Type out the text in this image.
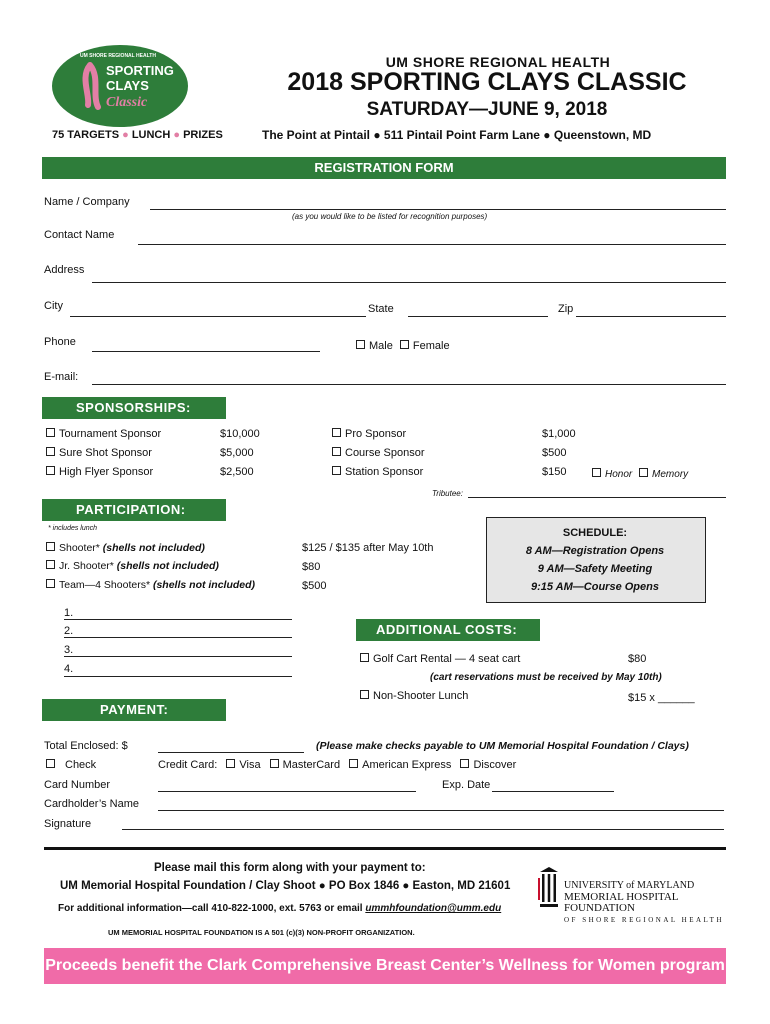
UM SHORE REGIONAL HEALTH
SPORTING
CLAYS
Classic
75 TARGETS ● LUNCH ● PRIZES
UM SHORE REGIONAL HEALTH
2018 SPORTING CLAYS CLASSIC
SATURDAY—JUNE 9, 2018
The Point at Pintail ● 511 Pintail Point Farm Lane ● Queenstown, MD
REGISTRATION FORM
Name / Company
(as you would like to be listed for recognition purposes)
Contact Name
Address
City	State	Zip
Phone	Male Female
E-mail:
SPONSORSHIPS:
Tournament Sponsor	$10,000
Sure Shot Sponsor	$5,000
High Flyer Sponsor	$2,500
Pro Sponsor	$1,000
Course Sponsor	$500
Station Sponsor	$150	Honor Memory
Tributee:
PARTICIPATION:
* includes lunch
Shooter* (shells not included)	$125 / $135 after May 10th
Jr. Shooter* (shells not included)	$80
Team—4 Shooters* (shells not included)	$500
SCHEDULE:
8 AM—Registration Opens
9 AM—Safety Meeting
9:15 AM—Course Opens
1.
2.
3.
4.
ADDITIONAL COSTS:
Golf Cart Rental — 4 seat cart	$80
(cart reservations must be received by May 10th)
Non-Shooter Lunch	$15 x ______
PAYMENT:
Total Enclosed: $	(Please make checks payable to UM Memorial Hospital Foundation / Clays)
Check	Credit Card: Visa MasterCard American Express Discover
Card Number	Exp. Date
Cardholder’s Name
Signature
Please mail this form along with your payment to:
UM Memorial Hospital Foundation / Clay Shoot ● PO Box 1846 ● Easton, MD 21601
For additional information—call 410-822-1000, ext. 5763 or email ummhfoundation@umm.edu
UM MEMORIAL HOSPITAL FOUNDATION IS A 501 (c)(3) NON-PROFIT ORGANIZATION.
UNIVERSITY of MARYLAND
MEMORIAL HOSPITAL
FOUNDATION
OF SHORE REGIONAL HEALTH
Proceeds benefit the Clark Comprehensive Breast Center’s Wellness for Women program
